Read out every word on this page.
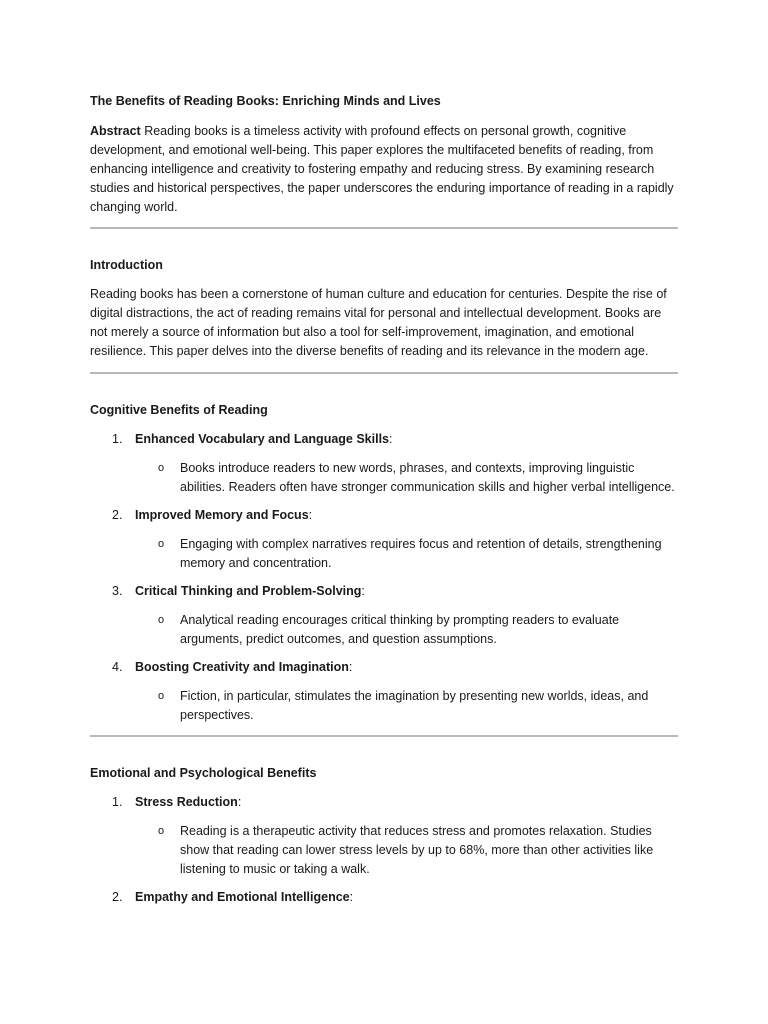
The Benefits of Reading Books: Enriching Minds and Lives

Abstract Reading books is a timeless activity with profound effects on personal growth, cognitive development, and emotional well-being. This paper explores the multifaceted benefits of reading, from enhancing intelligence and creativity to fostering empathy and reducing stress. By examining research studies and historical perspectives, the paper underscores the enduring importance of reading in a rapidly changing world.

Introduction

Reading books has been a cornerstone of human culture and education for centuries. Despite the rise of digital distractions, the act of reading remains vital for personal and intellectual development. Books are not merely a source of information but also a tool for self-improvement, imagination, and emotional resilience. This paper delves into the diverse benefits of reading and its relevance in the modern age.

Cognitive Benefits of Reading
1. Enhanced Vocabulary and Language Skills:
o Books introduce readers to new words, phrases, and contexts, improving linguistic abilities. Readers often have stronger communication skills and higher verbal intelligence.
2. Improved Memory and Focus:
o Engaging with complex narratives requires focus and retention of details, strengthening memory and concentration.
3. Critical Thinking and Problem-Solving:
o Analytical reading encourages critical thinking by prompting readers to evaluate arguments, predict outcomes, and question assumptions.
4. Boosting Creativity and Imagination:
o Fiction, in particular, stimulates the imagination by presenting new worlds, ideas, and perspectives.
Emotional and Psychological Benefits
1. Stress Reduction:
o Reading is a therapeutic activity that reduces stress and promotes relaxation. Studies show that reading can lower stress levels by up to 68%, more than other activities like listening to music or taking a walk.
2. Empathy and Emotional Intelligence:
